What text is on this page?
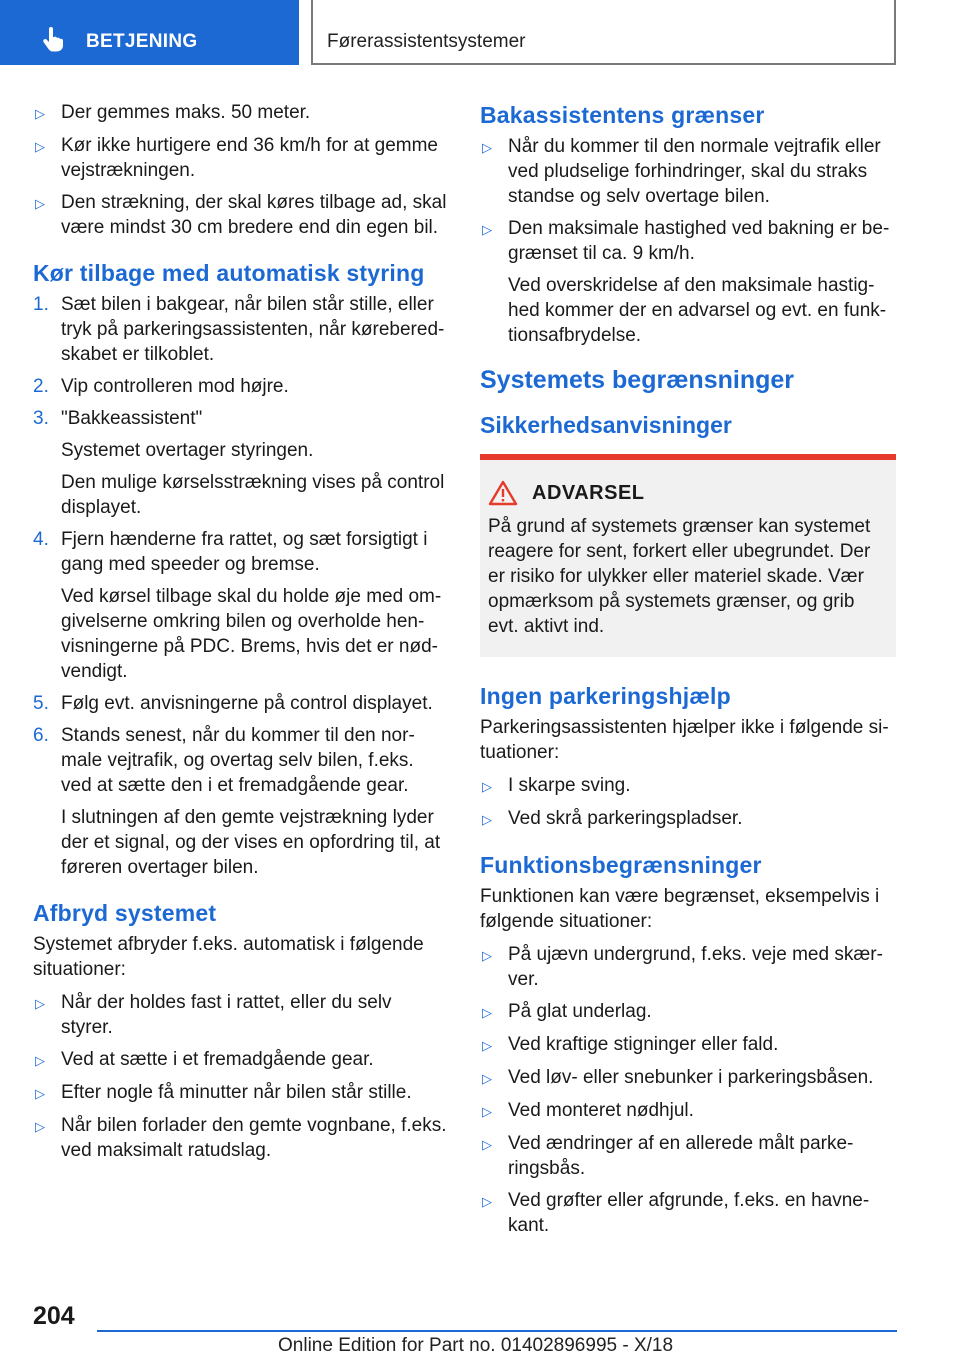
BETJENING	Førerassistentsystemer
▷ Der gemmes maks. 50 meter.
▷ Kør ikke hurtigere end 36 km/h for at gemme vejstrækningen.
▷ Den strækning, der skal køres tilbage ad, skal være mindst 30 cm bredere end din egen bil.
Kør tilbage med automatisk styring
1. Sæt bilen i bakgear, når bilen står stille, eller tryk på parkeringsassistenten, når kørebered-skabet er tilkoblet.
2. Vip controlleren mod højre.
3. "Bakkeassistent"
Systemet overtager styringen.
Den mulige kørselsstrækning vises på control displayet.
4. Fjern hænderne fra rattet, og sæt forsigtigt i gang med speeder og bremse.
Ved kørsel tilbage skal du holde øje med om-givelserne omkring bilen og overholde hen-visningerne på PDC. Brems, hvis det er nød-vendigt.
5. Følg evt. anvisningerne på control displayet.
6. Stands senest, når du kommer til den nor-male vejtrafik, og overtag selv bilen, f.eks. ved at sætte den i et fremadgående gear.
I slutningen af den gemte vejstrækning lyder der et signal, og der vises en opfordring til, at føreren overtager bilen.
Afbryd systemet
Systemet afbryder f.eks. automatisk i følgende situationer:
▷ Når der holdes fast i rattet, eller du selv styrer.
▷ Ved at sætte i et fremadgående gear.
▷ Efter nogle få minutter når bilen står stille.
▷ Når bilen forlader den gemte vognbane, f.eks. ved maksimalt ratudslag.
Bakassistentens grænser
▷ Når du kommer til den normale vejtrafik eller ved pludselige forhindringer, skal du straks standse og selv overtage bilen.
▷ Den maksimale hastighed ved bakning er be-grænset til ca. 9 km/h.
Ved overskridelse af den maksimale hastig-hed kommer der en advarsel og evt. en funk-tionsafbrydelse.
Systemets begrænsninger
Sikkerhedsanvisninger
ADVARSEL
På grund af systemets grænser kan systemet reagere for sent, forkert eller ubegrundet. Der er risiko for ulykker eller materiel skade. Vær opmærksom på systemets grænser, og grib evt. aktivt ind.
Ingen parkeringshjælp
Parkeringsassistenten hjælper ikke i følgende si-tuationer:
▷ I skarpe sving.
▷ Ved skrå parkeringspladser.
Funktionsbegrænsninger
Funktionen kan være begrænset, eksempelvis i følgende situationer:
▷ På ujævn undergrund, f.eks. veje med skær-ver.
▷ På glat underlag.
▷ Ved kraftige stigninger eller fald.
▷ Ved løv- eller snebunker i parkeringsbåsen.
▷ Ved monteret nødhjul.
▷ Ved ændringer af en allerede målt parke-ringsbås.
▷ Ved grøfter eller afgrunde, f.eks. en havne-kant.
204
Online Edition for Part no. 01402896995 - X/18
